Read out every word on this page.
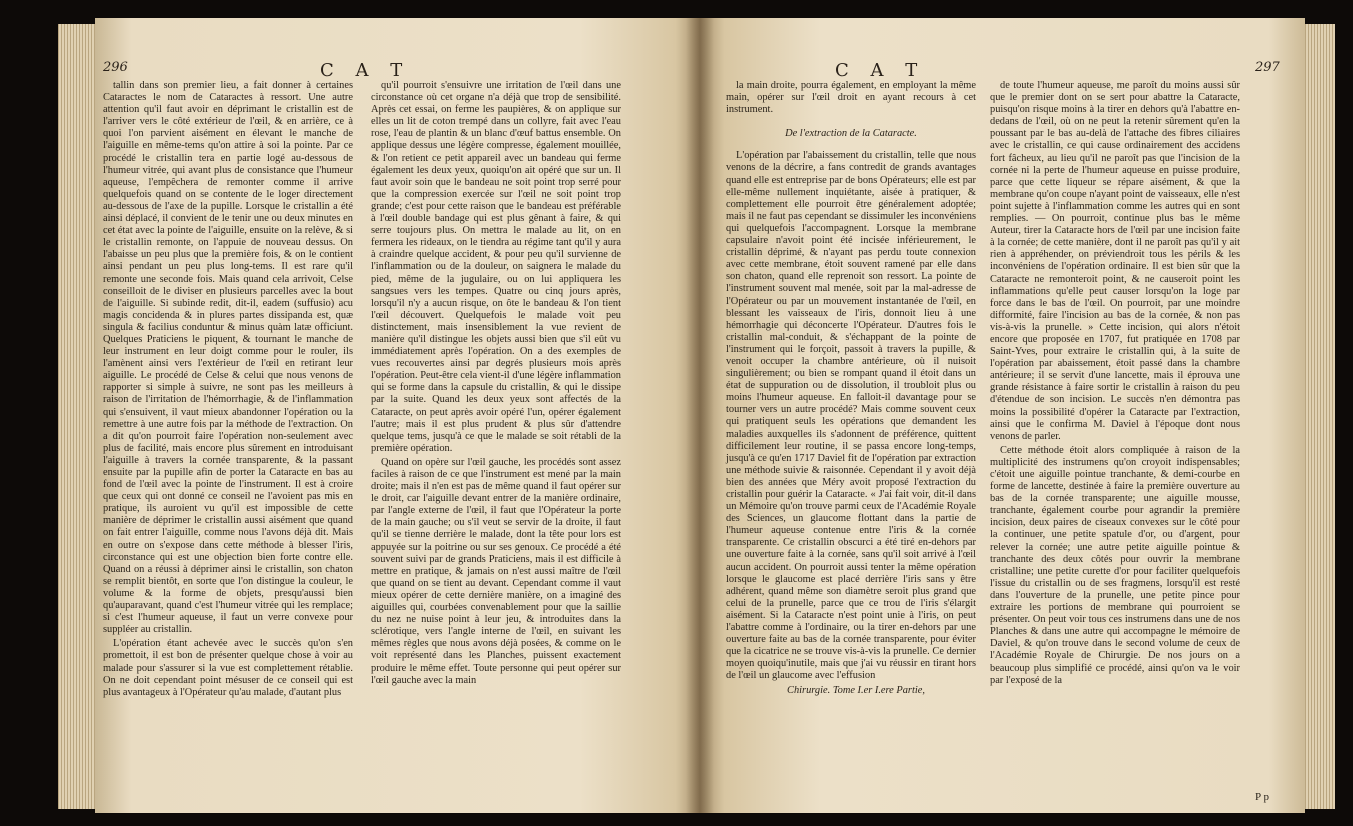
296	C A T

tallin dans son premier lieu, a fait donner à certaines Cataractes le nom de Cataractes à ressort. Une autre attention qu'il faut avoir en déprimant le cristallin est de l'arriver vers le côté extérieur de l'œil, & en arrière, ce à quoi l'on parvient aisément en élevant le manche de l'aiguille en même-tems qu'on attire à soi la pointe. Par ce procédé le cristallin tera en partie logé au-dessous de l'humeur vitrée, qui avant plus de consistance que l'humeur aqueuse, l'empêchera de remonter comme il arrive quelquefois quand on se contente de le loger directement au-dessous de l'axe de la pupille. Lorsque le cristallin a été ainsi déplacé, il convient de le tenir une ou deux minutes en cet état avec la pointe de l'aiguille, ensuite on la relève, & si le cristallin remonte, on l'appuie de nouveau dessus. On l'abaisse un peu plus que la première fois, & on le contient ainsi pendant un peu plus long-tems. Il est rare qu'il remonte une seconde fois. Mais quand cela arrivoit, Celse conseilloit de le diviser en plusieurs parcelles avec la bout de l'aiguille. Si subinde redit, dit-il, eadem (suffusio) acu magis concidenda & in plures partes dissipanda est, quæ singula & facilius conduntur & minus quàm latæ officiunt. Quelques Praticiens le piquent, & tournant le manche de leur instrument en leur doigt comme pour le rouler, ils l'amènent ainsi vers l'extérieur de l'œil en retirant leur aiguille. Le procédé de Celse & celui que nous venons de rapporter si simple à suivre, ne sont pas les meilleurs à raison de l'irritation de l'hémorrhagie, & de l'inflammation qui s'ensuivent, il vaut mieux abandonner l'opération ou la remettre à une autre fois par la méthode de l'extraction. On a dit qu'on pourroit faire l'opération non-seulement avec plus de facilité, mais encore plus sûrement en introduisant l'aiguille à travers la cornée transparente, & la passant ensuite par la pupille afin de porter la Cataracte en bas au fond de l'œil avec la pointe de l'instrument. Il est à croire que ceux qui ont donné ce conseil ne l'avoient pas mis en pratique, ils auroient vu qu'il est impossible de cette manière de déprimer le cristallin aussi aisément que quand on fait entrer l'aiguille, comme nous l'avons déjà dit. Mais en outre on s'expose dans cette méthode à blesser l'iris, circonstance qui est une objection bien forte contre elle. Quand on a réussi à déprimer ainsi le cristallin, son chaton se remplit bientôt, en sorte que l'on distingue la couleur, le volume & la forme de objets, presqu'aussi bien qu'auparavant, quand c'est l'humeur vitrée qui les remplace; si c'est l'humeur aqueuse, il faut un verre convexe pour suppléer au cristallin.

L'opération étant achevée avec le succès qu'on s'en promettoit, il est bon de présenter quelque chose à voir au malade pour s'assurer si la vue est complettement rétablie. On ne doit cependant point mésuser de ce conseil qui est plus avantageux à l'Opérateur qu'au malade, d'autant plus

qu'il pourroit s'ensuivre une irritation de l'œil dans une circonstance où cet organe n'a déjà que trop de sensibilité. Après cet essai, on ferme les paupières, & on applique sur elles un lit de coton trempé dans un collyre, fait avec l'eau rose, l'eau de plantin & un blanc d'œuf battus ensemble. On applique dessus une légère compresse, également mouillée, & l'on retient ce petit appareil avec un bandeau qui ferme également les deux yeux, quoiqu'on ait opéré que sur un. Il faut avoir soin que le bandeau ne soit point trop serré pour que la compression exercée sur l'œil ne soit point trop grande; c'est pour cette raison que le bandeau est préférable à l'œil double bandage qui est plus gênant à faire, & qui serre toujours plus. On mettra le malade au lit, on en fermera les rideaux, on le tiendra au régime tant qu'il y aura à craindre quelque accident, & pour peu qu'il survienne de l'inflammation ou de la douleur, on saignera le malade du pied, même de la jugulaire, ou on lui appliquera les sangsues vers les tempes. Quatre ou cinq jours après, lorsqu'il n'y a aucun risque, on ôte le bandeau & l'on tient l'œil découvert. Quelquefois le malade voit peu distinctement, mais insensiblement la vue revient de manière qu'il distingue les objets aussi bien que s'il eût vu immédiatement après l'opération. On a des exemples de vues recouvertes ainsi par degrés plusieurs mois après l'opération. Peut-être cela vient-il d'une légère inflammation qui se forme dans la capsule du cristallin, & qui le dissipe par la suite. Quand les deux yeux sont affectés de la Cataracte, on peut après avoir opéré l'un, opérer également l'autre; mais il est plus prudent & plus sûr d'attendre quelque tems, jusqu'à ce que le malade se soit rétabli de la première opération.

Quand on opère sur l'œil gauche, les procédés sont assez faciles à raison de ce que l'instrument est mené par la main droite; mais il n'en est pas de même quand il faut opérer sur le droit, car l'aiguille devant entrer de la manière ordinaire, par l'angle externe de l'œil, il faut que l'Opérateur la porte de la main gauche; ou s'il veut se servir de la droite, il faut qu'il se tienne derrière le malade, dont la tête pour lors est appuyée sur la poitrine ou sur ses genoux. Ce procédé a été souvent suivi par de grands Praticiens, mais il est difficile à mettre en pratique, & jamais on n'est aussi maître de l'œil que quand on se tient au devant. Cependant comme il vaut mieux opérer de cette dernière manière, on a imaginé des aiguilles qui, courbées convenablement pour que la saillie du nez ne nuise point à leur jeu, & introduites dans la sclérotique, vers l'angle interne de l'œil, en suivant les mêmes règles que nous avons déjà posées, & comme on le voit représenté dans les Planches, puissent exactement produire le même effet. Toute personne qui peut opérer sur l'œil gauche avec la main

C A T	297

la main droite, pourra également, en employant la même main, opérer sur l'œil droit en ayant recours à cet instrument.

De l'extraction de la Cataracte.

L'opération par l'abaissement du cristallin, telle que nous venons de la décrire, a fans contredit de grands avantages quand elle est entreprise par de bons Opérateurs; elle est par elle-même nullement inquiétante, aisée à pratiquer, & complettement elle pourroit être généralement adoptée; mais il ne faut pas cependant se dissimuler les inconvéniens qui quelquefois l'accompagnent. Lorsque la membrane capsulaire n'avoit point été incisée inférieurement, le cristallin déprimé, & n'ayant pas perdu toute connexion avec cette membrane, étoit souvent ramené par elle dans son chaton, quand elle reprenoit son ressort. La pointe de l'instrument souvent mal menée, soit par la mal-adresse de l'Opérateur ou par un mouvement instantanée de l'œil, en blessant les vaisseaux de l'iris, donnoit lieu à une hémorrhagie qui déconcerte l'Opérateur. D'autres fois le cristallin mal-conduit, & s'échappant de la pointe de l'instrument qui le forçoit, passoit à travers la pupille, & venoit occuper la chambre antérieure, où il nuisoit singulièrement; ou bien se rompant quand il étoit dans un état de suppuration ou de dissolution, il troubloit plus ou moins l'humeur aqueuse. En falloit-il davantage pour se tourner vers un autre procédé? Mais comme souvent ceux qui pratiquent seuls les opérations que demandent les maladies auxquelles ils s'adonnent de préférence, quittent difficilement leur routine, il se passa encore long-temps, jusqu'à ce qu'en 1717 Daviel fit de l'opération par extraction une méthode suivie & raisonnée. Cependant il y avoit déjà bien des années que Méry avoit proposé l'extraction du cristallin pour guérir la Cataracte. « J'ai fait voir, dit-il dans un Mémoire qu'on trouve parmi ceux de l'Académie Royale des Sciences, un glaucome flottant dans la partie de l'humeur aqueuse contenue entre l'iris & la cornée transparente. Ce cristallin obscurci a été tiré en-dehors par une ouverture faite à la cornée, sans qu'il soit arrivé à l'œil aucun accident. On pourroit aussi tenter la même opération lorsque le glaucome est placé derrière l'iris sans y être adhérent, quand même son diamètre seroit plus grand que celui de la prunelle, parce que ce trou de l'iris s'élargit aisément. Si la Cataracte n'est point unie à l'iris, on peut l'abattre comme à l'ordinaire, ou la tirer en-dehors par une ouverture faite au bas de la cornée transparente, pour éviter que la cicatrice ne se trouve vis-à-vis la prunelle. Ce dernier moyen quoiqu'inutile, mais que j'ai vu réussir en tirant hors de l'œil un glaucome avec l'effusion

Chirurgie. Tome I.er I.ere Partie,

de toute l'humeur aqueuse, me paroît du moins aussi sûr que le premier dont on se sert pour abattre la Cataracte, puisqu'on risque moins à la tirer en dehors qu'à l'abattre en-dedans de l'œil, où on ne peut la retenir sûrement qu'en la poussant par le bas au-delà de l'attache des fibres ciliaires avec le cristallin, ce qui cause ordinairement des accidens fort fâcheux, au lieu qu'il ne paroît pas que l'incision de la cornée ni la perte de l'humeur aqueuse en puisse produire, parce que cette liqueur se répare aisément, & que la membrane qu'on coupe n'ayant point de vaisseaux, elle n'est point sujette à l'inflammation comme les autres qui en sont remplies. — On pourroit, continue plus bas le même Auteur, tirer la Cataracte hors de l'œil par une incision faite à la cornée; de cette manière, dont il ne paroît pas qu'il y ait rien à appréhender, on préviendroit tous les périls & les inconvéniens de l'opération ordinaire. Il est bien sûr que la Cataracte ne remonteroit point, & ne causeroit point les inflammations qu'elle peut causer lorsqu'on la loge par force dans le bas de l'œil. On pourroit, par une moindre difformité, faire l'incision au bas de la cornée, & non pas vis-à-vis la prunelle. » Cette incision, qui alors n'étoit encore que proposée en 1707, fut pratiquée en 1708 par Saint-Yves, pour extraire le cristallin qui, à la suite de l'opération par abaissement, étoit passé dans la chambre antérieure; il se servit d'une lancette, mais il éprouva une grande résistance à faire sortir le cristallin à raison du peu d'étendue de son incision. Le succès n'en démontra pas moins la possibilité d'opérer la Cataracte par l'extraction, ainsi que le confirma M. Daviel à l'époque dont nous venons de parler.

Cette méthode étoit alors compliquée à raison de la multiplicité des instrumens qu'on croyoit indispensables; c'étoit une aiguille pointue tranchante, & demi-courbe en forme de lancette, destinée à faire la première ouverture au bas de la cornée transparente; une aiguille mousse, tranchante, également courbe pour agrandir la première incision, deux paires de ciseaux convexes sur le côté pour la continuer, une petite spatule d'or, ou d'argent, pour relever la cornée; une autre petite aiguille pointue & tranchante des deux côtés pour ouvrir la membrane cristalline; une petite curette d'or pour faciliter quelquefois l'issue du cristallin ou de ses fragmens, lorsqu'il est resté dans l'ouverture de la prunelle, une petite pince pour extraire les portions de membrane qui pourroient se présenter. On peut voir tous ces instrumens dans une de nos Planches & dans une autre qui accompagne le mémoire de Daviel, & qu'on trouve dans le second volume de ceux de l'Académie Royale de Chirurgie. De nos jours on a beaucoup plus simplifié ce procédé, ainsi qu'on va le voir par l'exposé de la

P p
